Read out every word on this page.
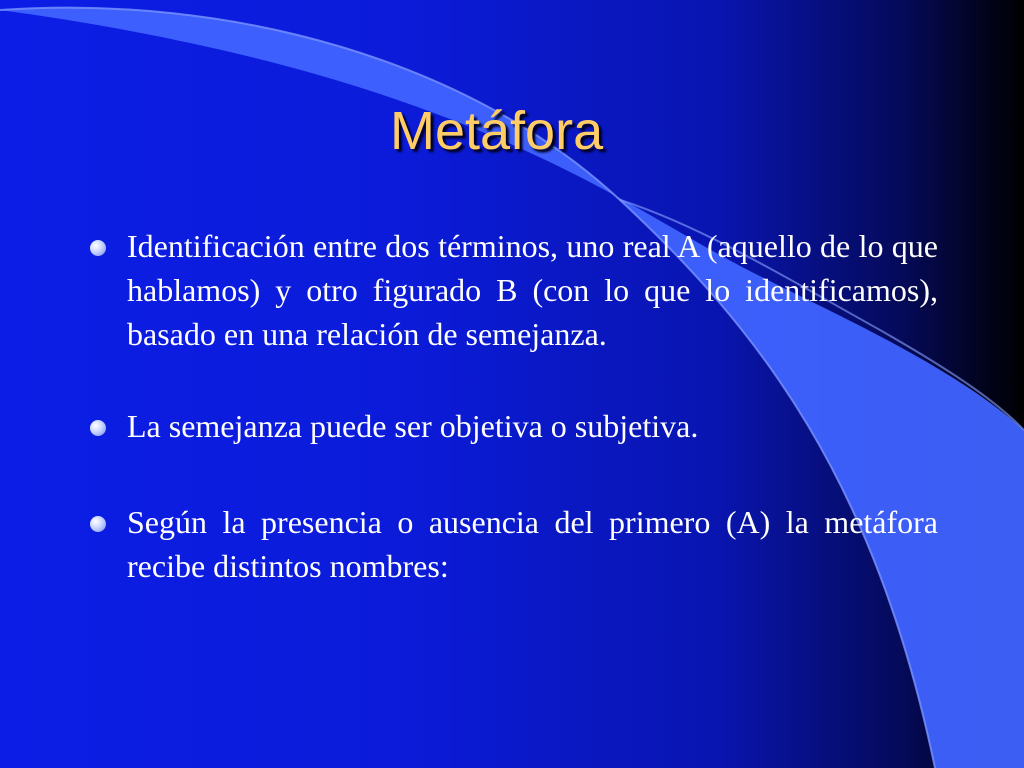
Metáfora
Identificación entre dos términos, uno real A (aquello de lo que hablamos) y otro figurado B (con lo que lo identificamos), basado en una relación de semejanza.
La semejanza puede ser objetiva o subjetiva.
Según la presencia o ausencia del primero (A) la metáfora recibe distintos nombres:
